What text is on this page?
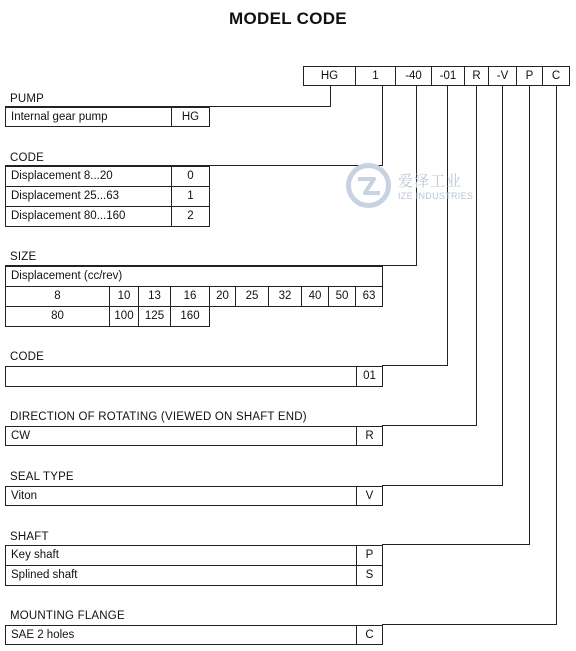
MODEL CODE
HG	1	-40	-01	R	-V	P	C
PUMP
Internal gear pump	HG
CODE
Displacement 8...20	0
Displacement 25...63	1
Displacement 80...160	2
SIZE
Displacement (cc/rev)
8	10	13	16	20	25	32	40	50	63
80	100 125	160
CODE
01
DIRECTION OF ROTATING (VIEWED ON SHAFT END)
CW	R
SEAL TYPE
Viton	V
SHAFT
Key shaft	P
Splined shaft	S
MOUNTING FLANGE
SAE 2 holes	C
爱泽工业
IZE INDUSTRIES
